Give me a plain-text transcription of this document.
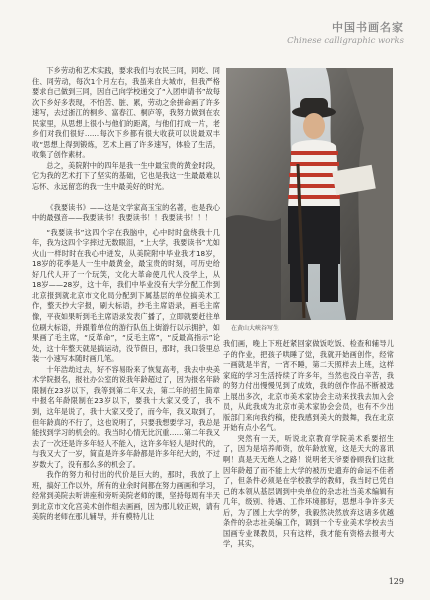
中国书画名家
Chinese calligraphic works

下乡劳动和艺术实践，要求我们与农民三同，同吃、同住、同劳动，每次1个月左右，我虽来自大城市，但我严格要求自己做到三同，因自己向学校递交了“入团申请书”故每次下乡好多表现，不怕苦、脏、累，劳动之余拼命画了许多速写，去过浙江的桐乡、富春江、桐庐等，我努力做到在农民家里，从思想上很小与他们的距离，与他们打成一片，老乡们对我们很好……每次下乡都有很大收获可以说最双丰收“思想上得到锻炼，艺术上画了许多速写，体验了生活，收集了创作素材。

总之，美院附中的四年是我一生中最宝贵的黄金时段，它为我的艺术打下了坚实的基础，它也是我这一生最最难以忘怀、永远留恋的我一生中最美好的时光。

《我要读书》——这是文学家高玉宝的名著，也是我心中的最强音——我要读书！我要读书！！我要读书！！！

“我要读书”这四个字在我脑中，心中时时盘绕我十几年，我为这四个字摔过无数眼泪，“上大学，我要读书”尤如火山一样时时在我心中迸发，从美院附中毕业我才18岁，18岁的花季是人一生中最黄金，最宝贵的时刻，可历史给好几代人开了一个玩笑，文化大革命使几代人没学上，从18岁——28岁，这十年，我们中毕业没有大学分配工作到北京报到就北京市文化局分配到下属基层的单位搞美术工作，整天抄大字报，刷大标语，抄毛主席语录，画毛主席像，平夜如果听到毛主席语录发表广播了，立即就要赶往单位刷大标语，并跟着单位的游行队伍上街游行以示拥护，如果画了毛主席，“反革命”，“反毛主席”，“反最高指示”论处，这十年整天就是搞运动，没节假日，那时，我口袋里总装一小速写本随时画几笔。

十年浩劫过去，好不容易盼来了恢复高考，我去中央美术学院报名，报社办公室的说我年龄超过了，因为报名年龄限制在23岁以下，我等到第二年又去，第二年的招生简章中报名年龄限制在23岁以下，要我十大家又受了，我不到，这年是说了，我十大家又受了，而今年，我又取到了，但年龄真的不行了，这也说明了，只要我想要学习，我总是能找到学习的机会的。我当时心情无比沉重……第二年我又去了一次还是许多年轻人不能入，这许多年轻人是时代的，与我又大了一岁，简直是许多年龄都是许多年纪大的，不过岁数大了，没有那么多的机会了。

我作的努力和付出的代价是巨大的，那时，我放了上班，搞好工作以外，所有的业余时间都在努力画画和学习，经常到美院去听讲座和旁听美院老师的课，坚持每周有半天到北京市文化宫美术创作组去画画，因为那儿较正规，请有美院的老师在那儿辅导，并有模特儿让

在黄山大峡谷写生

我们画，晚上下班赶紧回家做饭吃饭、检查和辅导儿子的作业，把孩子哄睡了觉，我就开始画创作，经常一画就是半宵，一宵不睡，第二天照样去上班，这样家庭的学习生活持续了许多年，当然也没白辛苦，我的努力付出慢慢见到了成效，我的创作作品不断被选上展出多次，北京市美术家协会主动来找我去加入会员，从此我成为北京市美术家协会会员，也有不少出版部门来向我约稿，使我感到美大的鼓舞，我在北京开始有点小名气。

突然有一天，听说北京教育学院美术系要招生了，因为是培养师资，放年龄放宽，这是天大的喜讯啊！真是天无绝人之路！说明老天爷要眷顾我们这批因年龄超了而不能上大学的被历史遗弃的命运不佳者了，但条件必须是在学校教学的教师，我当时已凭自己的本领从基层调到中央单位的杂志社当美术编辑有几年，级别、待遇、工作环境都好，思想斗争许多天后，为了圆上大学的梦，我毅然决然放弃这诸多优越条件的杂志社美编工作，调到一个专业美术学校去当国画专业课教员，只有这样，我才能有资格去报考大学，其实，

129
